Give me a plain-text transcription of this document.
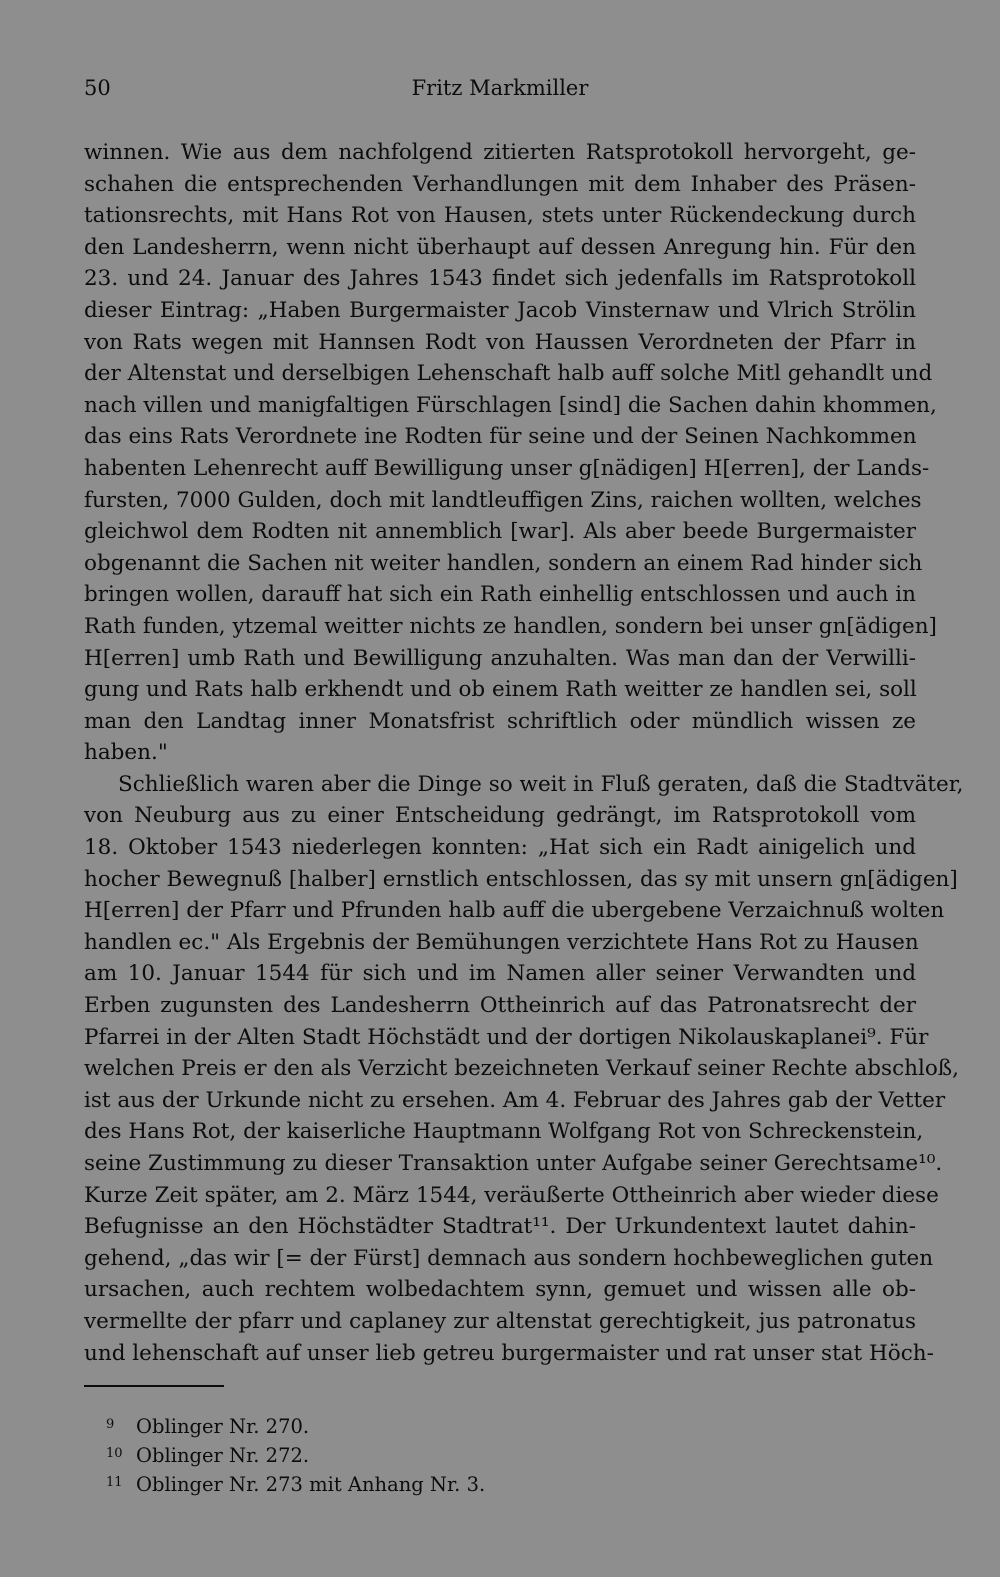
50	Fritz Markmiller
winnen. Wie aus dem nachfolgend zitierten Ratsprotokoll hervorgeht, ge-
schahen die entsprechenden Verhandlungen mit dem Inhaber des Präsen-
tationsrechts, mit Hans Rot von Hausen, stets unter Rückendeckung durch
den Landesherrn, wenn nicht überhaupt auf dessen Anregung hin. Für den
23. und 24. Januar des Jahres 1543 findet sich jedenfalls im Ratsprotokoll
dieser Eintrag: „Haben Burgermaister Jacob Vinsternaw und Vlrich Strölin
von Rats wegen mit Hannsen Rodt von Haussen Verordneten der Pfarr in
der Altenstat und derselbigen Lehenschaft halb auff solche Mitl gehandlt und
nach villen und manigfaltigen Fürschlagen [sind] die Sachen dahin khommen,
das eins Rats Verordnete ine Rodten für seine und der Seinen Nachkommen
habenten Lehenrecht auff Bewilligung unser g[nädigen] H[erren], der Lands-
fursten, 7000 Gulden, doch mit landtleuffigen Zins, raichen wollten, welches
gleichwol dem Rodten nit annemblich [war]. Als aber beede Burgermaister
obgenannt die Sachen nit weiter handlen, sondern an einem Rad hinder sich
bringen wollen, darauff hat sich ein Rath einhellig entschlossen und auch in
Rath funden, ytzemal weitter nichts ze handlen, sondern bei unser gn[ädigen]
H[erren] umb Rath und Bewilligung anzuhalten. Was man dan der Verwilli-
gung und Rats halb erkhendt und ob einem Rath weitter ze handlen sei, soll
man den Landtag inner Monatsfrist schriftlich oder mündlich wissen ze
haben."
Schließlich waren aber die Dinge so weit in Fluß geraten, daß die Stadtväter,
von Neuburg aus zu einer Entscheidung gedrängt, im Ratsprotokoll vom
18. Oktober 1543 niederlegen konnten: „Hat sich ein Radt ainigelich und
hocher Bewegnuß [halber] ernstlich entschlossen, das sy mit unsern gn[ädigen]
H[erren] der Pfarr und Pfrunden halb auff die ubergebene Verzaichnuß wolten
handlen ec." Als Ergebnis der Bemühungen verzichtete Hans Rot zu Hausen
am 10. Januar 1544 für sich und im Namen aller seiner Verwandten und
Erben zugunsten des Landesherrn Ottheinrich auf das Patronatsrecht der
Pfarrei in der Alten Stadt Höchstädt und der dortigen Nikolauskaplanei⁹. Für
welchen Preis er den als Verzicht bezeichneten Verkauf seiner Rechte abschloß,
ist aus der Urkunde nicht zu ersehen. Am 4. Februar des Jahres gab der Vetter
des Hans Rot, der kaiserliche Hauptmann Wolfgang Rot von Schreckenstein,
seine Zustimmung zu dieser Transaktion unter Aufgabe seiner Gerechtsame¹⁰.
Kurze Zeit später, am 2. März 1544, veräußerte Ottheinrich aber wieder diese
Befugnisse an den Höchstädter Stadtrat¹¹. Der Urkundentext lautet dahin-
gehend, „das wir [= der Fürst] demnach aus sondern hochbeweglichen guten
ursachen, auch rechtem wolbedachtem synn, gemuet und wissen alle ob-
vermellte der pfarr und caplaney zur altenstat gerechtigkeit, jus patronatus
und lehenschaft auf unser lieb getreu burgermaister und rat unser stat Höch-
9 Oblinger Nr. 270.
10 Oblinger Nr. 272.
11 Oblinger Nr. 273 mit Anhang Nr. 3.
